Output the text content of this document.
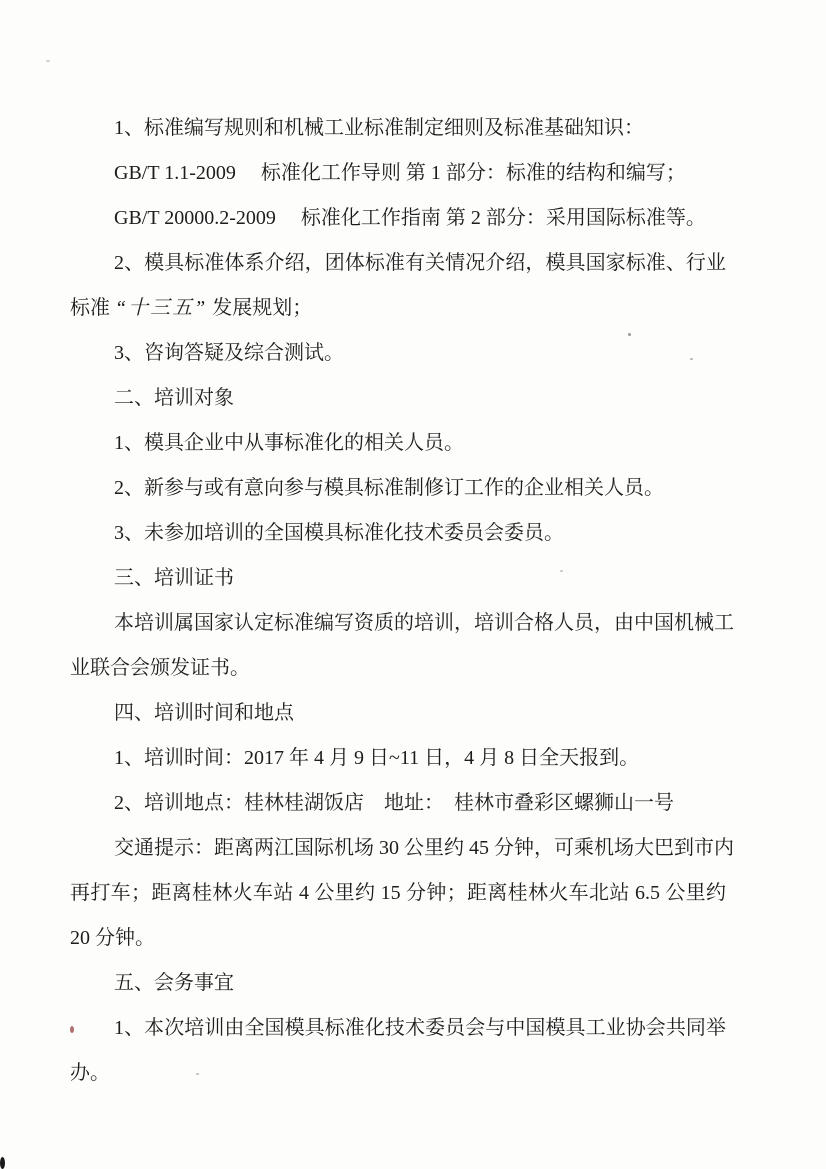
1、标准编写规则和机械工业标准制定细则及标准基础知识：
GB/T 1.1-2009　 标准化工作导则 第 1 部分：标准的结构和编写；
GB/T 20000.2-2009　 标准化工作指南 第 2 部分：采用国际标准等。
2、模具标准体系介绍，团体标准有关情况介绍，模具国家标准、行业
标准 “十三五” 发展规划；
3、咨询答疑及综合测试。
二、培训对象
1、模具企业中从事标准化的相关人员。
2、新参与或有意向参与模具标准制修订工作的企业相关人员。
3、未参加培训的全国模具标准化技术委员会委员。
三、培训证书
本培训属国家认定标准编写资质的培训，培训合格人员，由中国机械工
业联合会颁发证书。
四、培训时间和地点
1、培训时间：2017 年 4 月 9 日~11 日，4 月 8 日全天报到。
2、培训地点：桂林桂湖饭店　地址：　桂林市叠彩区螺狮山一号
交通提示：距离两江国际机场 30 公里约 45 分钟，可乘机场大巴到市内
再打车；距离桂林火车站 4 公里约 15 分钟；距离桂林火车北站 6.5 公里约
20 分钟。
五、会务事宜
1、本次培训由全国模具标准化技术委员会与中国模具工业协会共同举
办。
